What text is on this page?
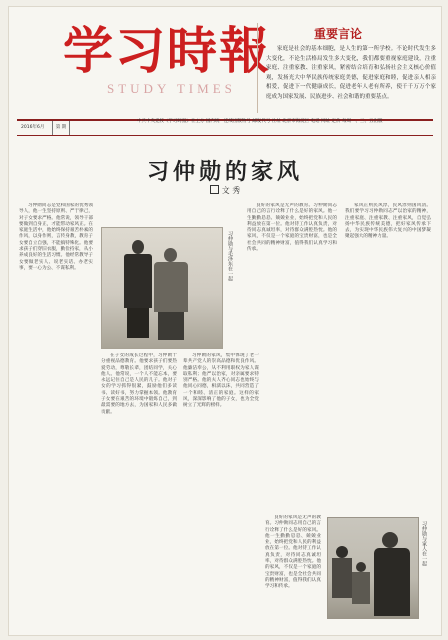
学习時報
STUDY TIMES
重要言论
家庭是社会的基本细胞，是人生的第一所学校。不论时代发生多大变化，不论生活格局发生多大变化，我们都要重视家庭建设，注重家庭、注重家教、注重家风，紧密结合培育和弘扬社会主义核心价值观，发扬光大中华民族传统家庭美德，促进家庭和睦，促进亲人相亲相爱，促进下一代健康成长，促进老年人老有所养，使千千万万个家庭成为国家发展、民族进步、社会和谐的重要基点。
2016年6月	第 期
中共中央党校《学习时报》社主办 国内统一连续出版物号 邮发代号 社址 北京市海淀区 电话 网址 定价 每周一、三、五出版
习仲勋的家风
文 秀
习仲勋与毛泽东在一起

习仲勋同志是党和国家的优秀领导人，他一生坚持原则、严于律己，对子女要求严格。他常说，领导干部要做到自身正，才能带动家风正。在家庭生活中，他始终保持艰苦朴素的作风，以身作则，言传身教，教育子女要自立自强，不能搞特殊化。他要求孩子们穿旧衣服，勤俭持家，从小养成良好的生活习惯。他经常教导子女要做老实人、说老实话、办老实事，要一心为公、不谋私利。

在子女的成长过程中，习仲勋十分重视品德教育。他要求孩子们要热爱劳动，尊敬长辈，团结同学，关心他人。他常说，一个人不能忘本，要永远记住自己是人民的儿子。他对子女的学习抓得很紧，鼓励他们多读书、读好书，努力掌握本领。他教育子女要在艰苦的环境中锻炼自己，到最需要的地方去，为国家和人民多做贡献。

习仲勋的家风，集中体现了老一辈共产党人的崇高品德和优良作风。他廉洁奉公，从不利用职权为家人谋取私利；他严以治家，对亲属要求特别严格。他的夫人齐心同志也始终与他同心同德，相濡以沫，共同营造了一个和睦、清正的家庭。这样的家风，深深影响了他的子女，也为全党树立了光辉的榜样。

良好的家风是无声的教育。习仲勋同志用自己的言行诠释了什么是好的家风。他一生勤勤恳恳、兢兢业业，始终把党和人民的利益放在第一位。他对待工作认真负责，对待同志真诚坦率，对待群众满腔热忱。他的家风，不仅是一个家庭的宝贵财富，也是全社会共同的精神财富，值得我们认真学习和传承。

家风正则民风淳，民风淳则国风清。我们要学习习仲勋同志严以治家的精神，注重家庭、注重家教、注重家风，自觉弘扬中华民族传统美德，把好家风传承下去，为实现中华民族伟大复兴的中国梦凝聚起强大的精神力量。

良好的家风是无声的教育。习仲勋同志用自己的言行诠释了什么是好的家风。他一生勤勤恳恳、兢兢业业，始终把党和人民的利益放在第一位。他对待工作认真负责，对待同志真诚坦率，对待群众满腔热忱。他的家风，不仅是一个家庭的宝贵财富，也是全社会共同的精神财富，值得我们认真学习和传承。

习仲勋与家人在一起
